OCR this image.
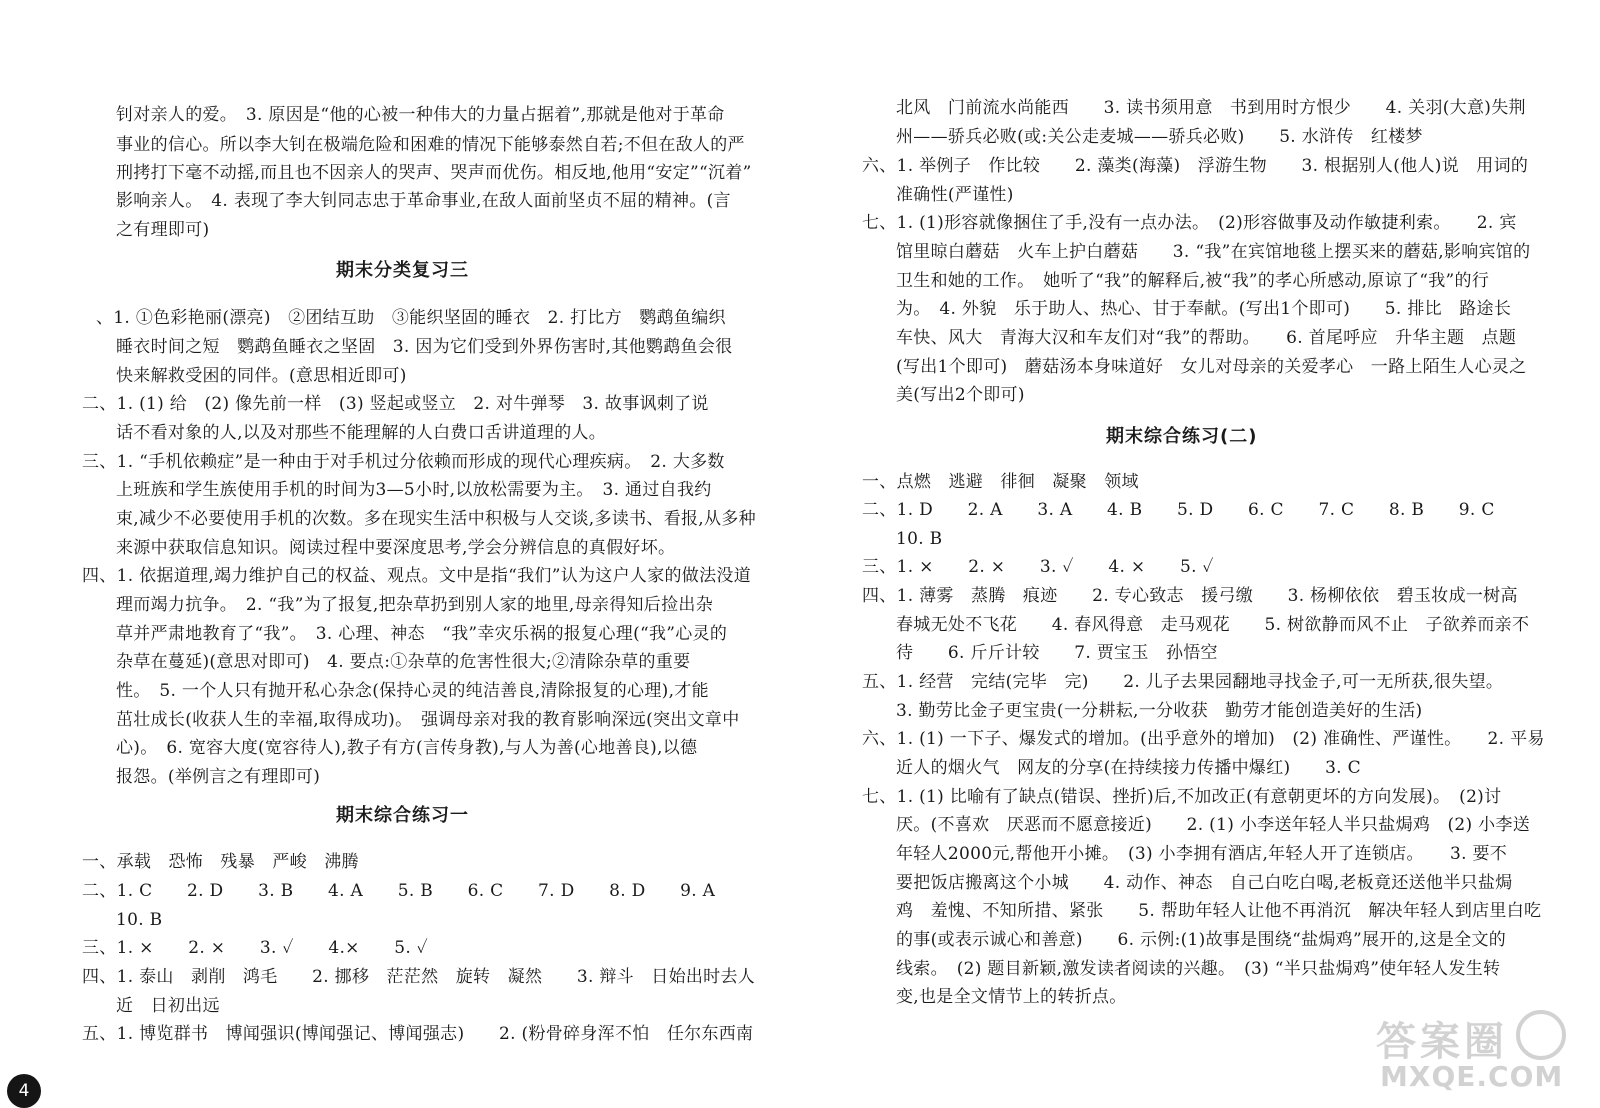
钊对亲人的爱。　3. 原因是“他的心被一种伟大的力量占据着”,那就是他对于革命
事业的信心。所以李大钊在极端危险和困难的情况下能够泰然自若;不但在敌人的严
刑拷打下毫不动摇,而且也不因亲人的哭声、哭声而优伤。相反地,他用“安定”“沉着”
影响亲人。　4. 表现了李大钊同志忠于革命事业,在敌人面前坚贞不屈的精神。(言
之有理即可)
期末分类复习三
、1. ①色彩艳丽(漂亮)　②团结互助　③能织坚固的睡衣　2. 打比方　鹦鹉鱼编织
睡衣时间之短　鹦鹉鱼睡衣之坚固　3. 因为它们受到外界伤害时,其他鹦鹉鱼会很
快来解救受困的同伴。(意思相近即可)
二、1. (1) 给　(2) 像先前一样　(3) 竖起或竖立　2. 对牛弹琴　3. 故事讽刺了说
话不看对象的人,以及对那些不能理解的人白费口舌讲道理的人。
三、1. “手机依赖症”是一种由于对手机过分依赖而形成的现代心理疾病。　2. 大多数
上班族和学生族使用手机的时间为3—5小时,以放松需要为主。　3. 通过自我约
束,减少不必要使用手机的次数。多在现实生活中积极与人交谈,多读书、看报,从多种
来源中获取信息知识。阅读过程中要深度思考,学会分辨信息的真假好坏。
四、1. 依据道理,竭力维护自己的权益、观点。文中是指“我们”认为这户人家的做法没道
理而竭力抗争。　2. “我”为了报复,把杂草扔到别人家的地里,母亲得知后捡出杂
草并严肃地教育了“我”。　3. 心理、神态　“我”幸灾乐祸的报复心理(“我”心灵的
杂草在蔓延)(意思对即可)　4. 要点:①杂草的危害性很大;②清除杂草的重要
性。　5. 一个人只有抛开私心杂念(保持心灵的纯洁善良,清除报复的心理),才能
茁壮成长(收获人生的幸福,取得成功)。　强调母亲对我的教育影响深远(突出文章中
心)。　6. 宽容大度(宽容待人),教子有方(言传身教),与人为善(心地善良),以德
报怨。(举例言之有理即可)
期末综合练习一
一、承载　恐怖　残暴　严峻　沸腾
二、1. C　　2. D　　3. B　　4. A　　5. B　　6. C　　7. D　　8. D　　9. A
10. B
三、1. ×　　2. ×　　3. ✓　　4.×　　5. ✓
四、1. 泰山　剥削　鸿毛　　2. 挪移　茫茫然　旋转　凝然　　3. 辩斗　日始出时去人
近　日初出远
五、1. 博览群书　博闻强识(博闻强记、博闻强志)　　2. (粉骨碎身浑不怕　任尔东西南
4
北风　门前流水尚能西　　3. 读书须用意　书到用时方恨少　　4. 关羽(大意)失荆
州——骄兵必败(或:关公走麦城——骄兵必败)　　5. 水浒传　红楼梦
六、1. 举例子　作比较　　2. 藻类(海藻)　浮游生物　　3. 根据别人(他人)说　用词的
准确性(严谨性)
七、1. (1)形容就像捆住了手,没有一点办法。　(2)形容做事及动作敏捷利索。　　2. 宾
馆里晾白蘑菇　火车上护白蘑菇　　3. “我”在宾馆地毯上摆买来的蘑菇,影响宾馆的
卫生和她的工作。　她听了“我”的解释后,被“我”的孝心所感动,原谅了“我”的行
为。　4. 外貌　乐于助人、热心、甘于奉献。(写出1个即可)　　5. 排比　路途长
车快、风大　青海大汉和车友们对“我”的帮助。　　6. 首尾呼应　升华主题　点题
(写出1个即可)　蘑菇汤本身味道好　女儿对母亲的关爱孝心　一路上陌生人心灵之
美(写出2个即可)
期末综合练习(二)
一、点燃　逃避　徘徊　凝聚　领域
二、1. D　　2. A　　3. A　　4. B　　5. D　　6. C　　7. C　　8. B　　9. C
10. B
三、1. ×　　2. ×　　3. ✓　　4. ×　　5. ✓
四、1. 薄雾　蒸腾　痕迹　　2. 专心致志　援弓缴　　3. 杨柳依依　碧玉妆成一树高
春城无处不飞花　　4. 春风得意　走马观花　　5. 树欲静而风不止　子欲养而亲不
待　　6. 斤斤计较　　7. 贾宝玉　孙悟空
五、1. 经营　完结(完毕　完)　　2. 儿子去果园翻地寻找金子,可一无所获,很失望。
3. 勤劳比金子更宝贵(一分耕耘,一分收获　勤劳才能创造美好的生活)
六、1. (1) 一下子、爆发式的增加。(出乎意外的增加)　(2) 准确性、严谨性。　　2. 平易
近人的烟火气　网友的分享(在持续接力传播中爆红)　　3. C
七、1. (1) 比喻有了缺点(错误、挫折)后,不加改正(有意朝更坏的方向发展)。　(2)讨
厌。(不喜欢　厌恶而不愿意接近)　　2. (1) 小李送年轻人半只盐焗鸡　(2) 小李送
年轻人2000元,帮他开小摊。　(3) 小李拥有酒店,年轻人开了连锁店。　　3. 要不
要把饭店搬离这个小城　　4. 动作、神态　自己白吃白喝,老板竟还送他半只盐焗
鸡　羞愧、不知所措、紧张　　5. 帮助年轻人让他不再消沉　解决年轻人到店里白吃
的事(或表示诚心和善意)　　6. 示例:(1)故事是围绕“盐焗鸡”展开的,这是全文的
线索。　(2) 题目新颖,激发读者阅读的兴趣。　(3) “半只盐焗鸡”使年轻人发生转
变,也是全文情节上的转折点。
答案圈
MXQE.COM
